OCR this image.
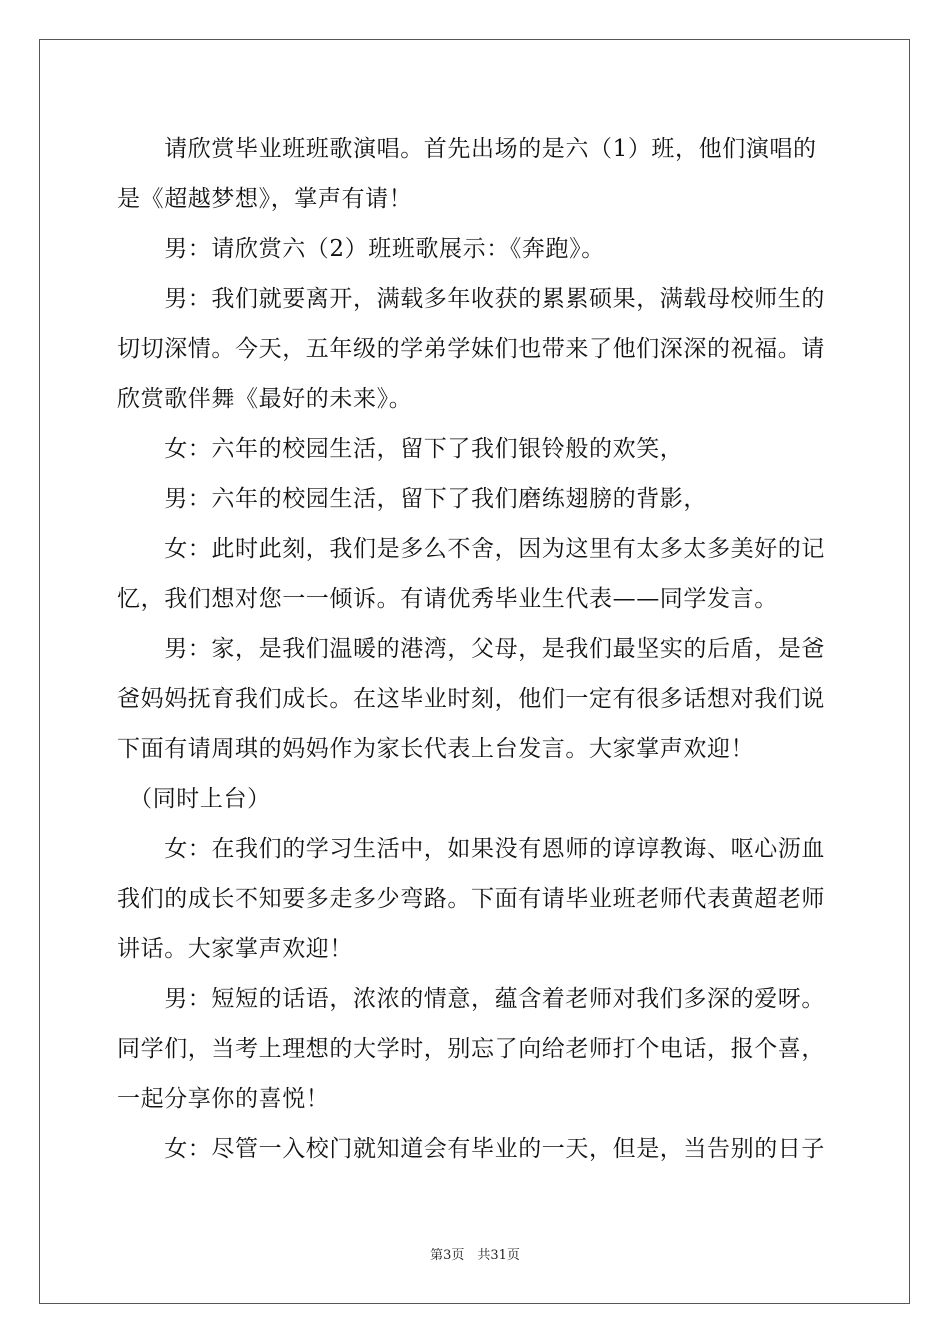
　　请欣赏毕业班班歌演唱。首先出场的是六（1）班，他们演唱的
是《超越梦想》，掌声有请！
　　男：请欣赏六（2）班班歌展示：《奔跑》。
　　男：我们就要离开，满载多年收获的累累硕果，满载母校师生的
切切深情。今天，五年级的学弟学妹们也带来了他们深深的祝福。请
欣赏歌伴舞《最好的未来》。
　　女：六年的校园生活，留下了我们银铃般的欢笑，
　　男：六年的校园生活，留下了我们磨练翅膀的背影，
　　女：此时此刻，我们是多么不舍，因为这里有太多太多美好的记
忆，我们想对您一一倾诉。有请优秀毕业生代表——同学发言。
　　男：家，是我们温暖的港湾，父母，是我们最坚实的后盾，是爸
爸妈妈抚育我们成长。在这毕业时刻，他们一定有很多话想对我们说
下面有请周琪的妈妈作为家长代表上台发言。大家掌声欢迎！
　（同时上台）
　　女：在我们的学习生活中，如果没有恩师的谆谆教诲、呕心沥血
我们的成长不知要多走多少弯路。下面有请毕业班老师代表黄超老师
讲话。大家掌声欢迎！
　　男：短短的话语，浓浓的情意，蕴含着老师对我们多深的爱呀。
同学们，当考上理想的大学时，别忘了向给老师打个电话，报个喜，
一起分享你的喜悦！
　　女：尽管一入校门就知道会有毕业的一天，但是，当告别的日子
第3页　共31页
